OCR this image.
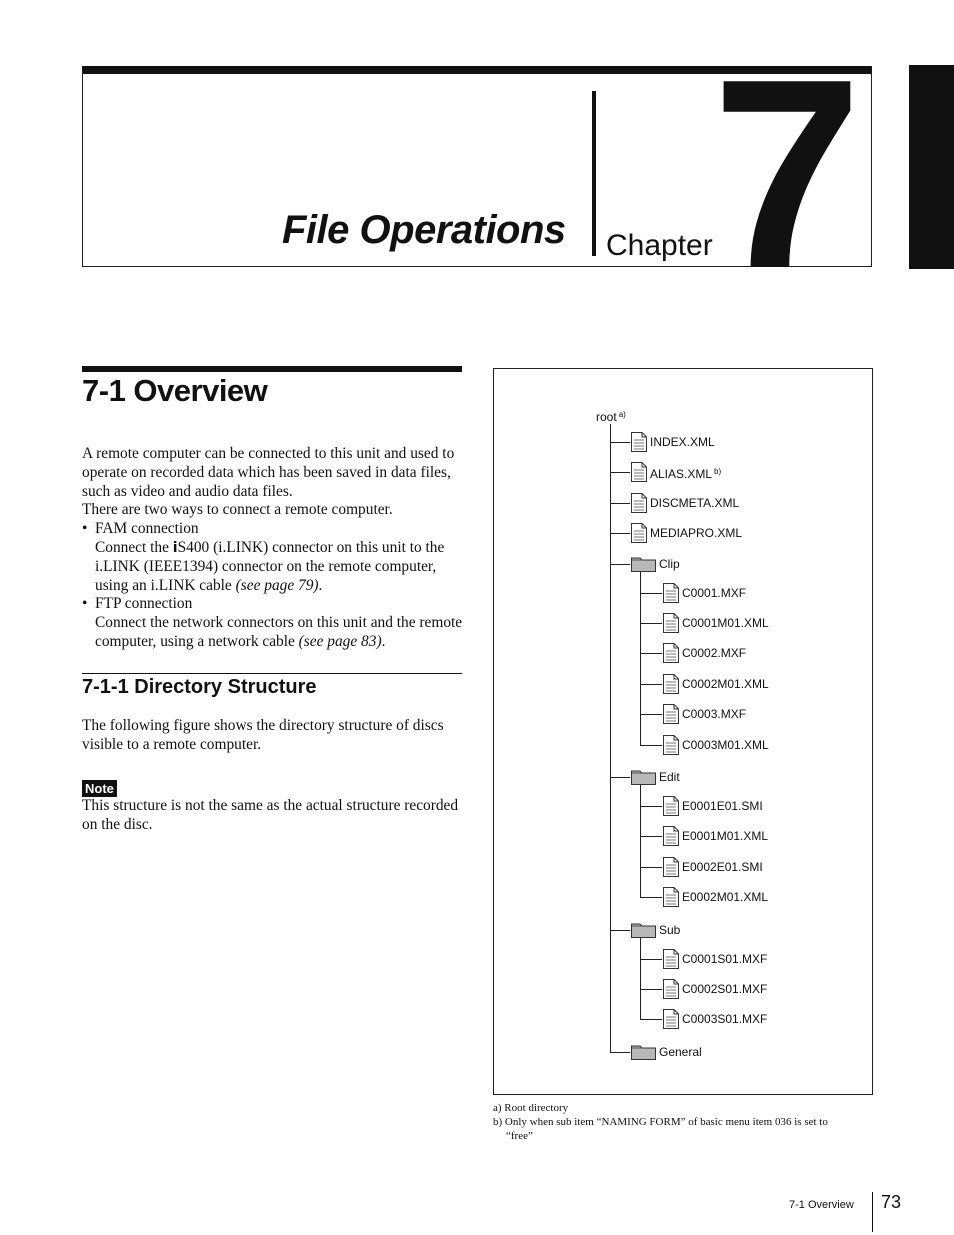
File Operations Chapter 7
7-1 Overview

A remote computer can be connected to this unit and used to operate on recorded data which has been saved in data files, such as video and audio data files.

There are two ways to connect a remote computer.

• FAM connection

Connect the iS400 (i.LINK) connector on this unit to the i.LINK (IEEE1394) connector on the remote computer, using an i.LINK cable (see page 79).

• FTP connection

Connect the network connectors on this unit and the remote computer, using a network cable (see page 83).

7-1-1 Directory Structure
The following figure shows the directory structure of discs visible to a remote computer.
Note
This structure is not the same as the actual structure recorded on the disc.
root $^{a)}$
INDEX.XML
ALIAS.XML $^{b)}$
DISCMETA.XML
MEDIAPRO.XML
Clip
C0001.MXF
C0001M01.XML
C0002.MXF
C0002M01.XML
C0003.MXF
C0003M01.XML
Edit
E0001E01.SMI
E0001M01.XML
E0002E01.SMI
E0002M01.XML
Sub
C0001S01.MXF
C0002S01.MXF
C0003S01.MXF
General
a) Root directory
b) Only when sub item “NAMING FORM” of basic menu item 036 is set to
“free”
7-1 Overview 73
